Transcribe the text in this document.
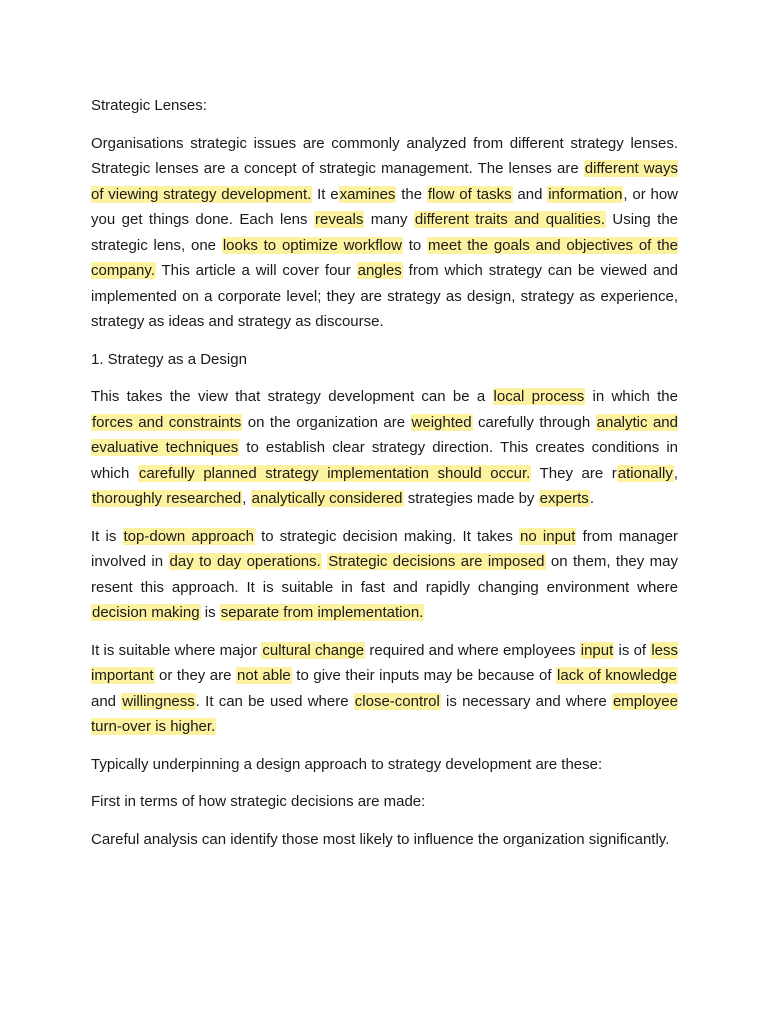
Strategic Lenses:

Organisations strategic issues are commonly analyzed from different strategy lenses. Strategic lenses are a concept of strategic management. The lenses are different ways of viewing strategy development. It examines the flow of tasks and information, or how you get things done. Each lens reveals many different traits and qualities. Using the strategic lens, one looks to optimize workflow to meet the goals and objectives of the company. This article a will cover four angles from which strategy can be viewed and implemented on a corporate level; they are strategy as design, strategy as experience, strategy as ideas and strategy as discourse.

1. Strategy as a Design

This takes the view that strategy development can be a local process in which the forces and constraints on the organization are weighted carefully through analytic and evaluative techniques to establish clear strategy direction. This creates conditions in which carefully planned strategy implementation should occur. They are rationally, thoroughly researched, analytically considered strategies made by experts.

It is top-down approach to strategic decision making. It takes no input from manager involved in day to day operations. Strategic decisions are imposed on them, they may resent this approach. It is suitable in fast and rapidly changing environment where decision making is separate from implementation.

It is suitable where major cultural change required and where employees input is of less important or they are not able to give their inputs may be because of lack of knowledge and willingness. It can be used where close-control is necessary and where employee turn-over is higher.

Typically underpinning a design approach to strategy development are these:

First in terms of how strategic decisions are made:

Careful analysis can identify those most likely to influence the organization significantly.
